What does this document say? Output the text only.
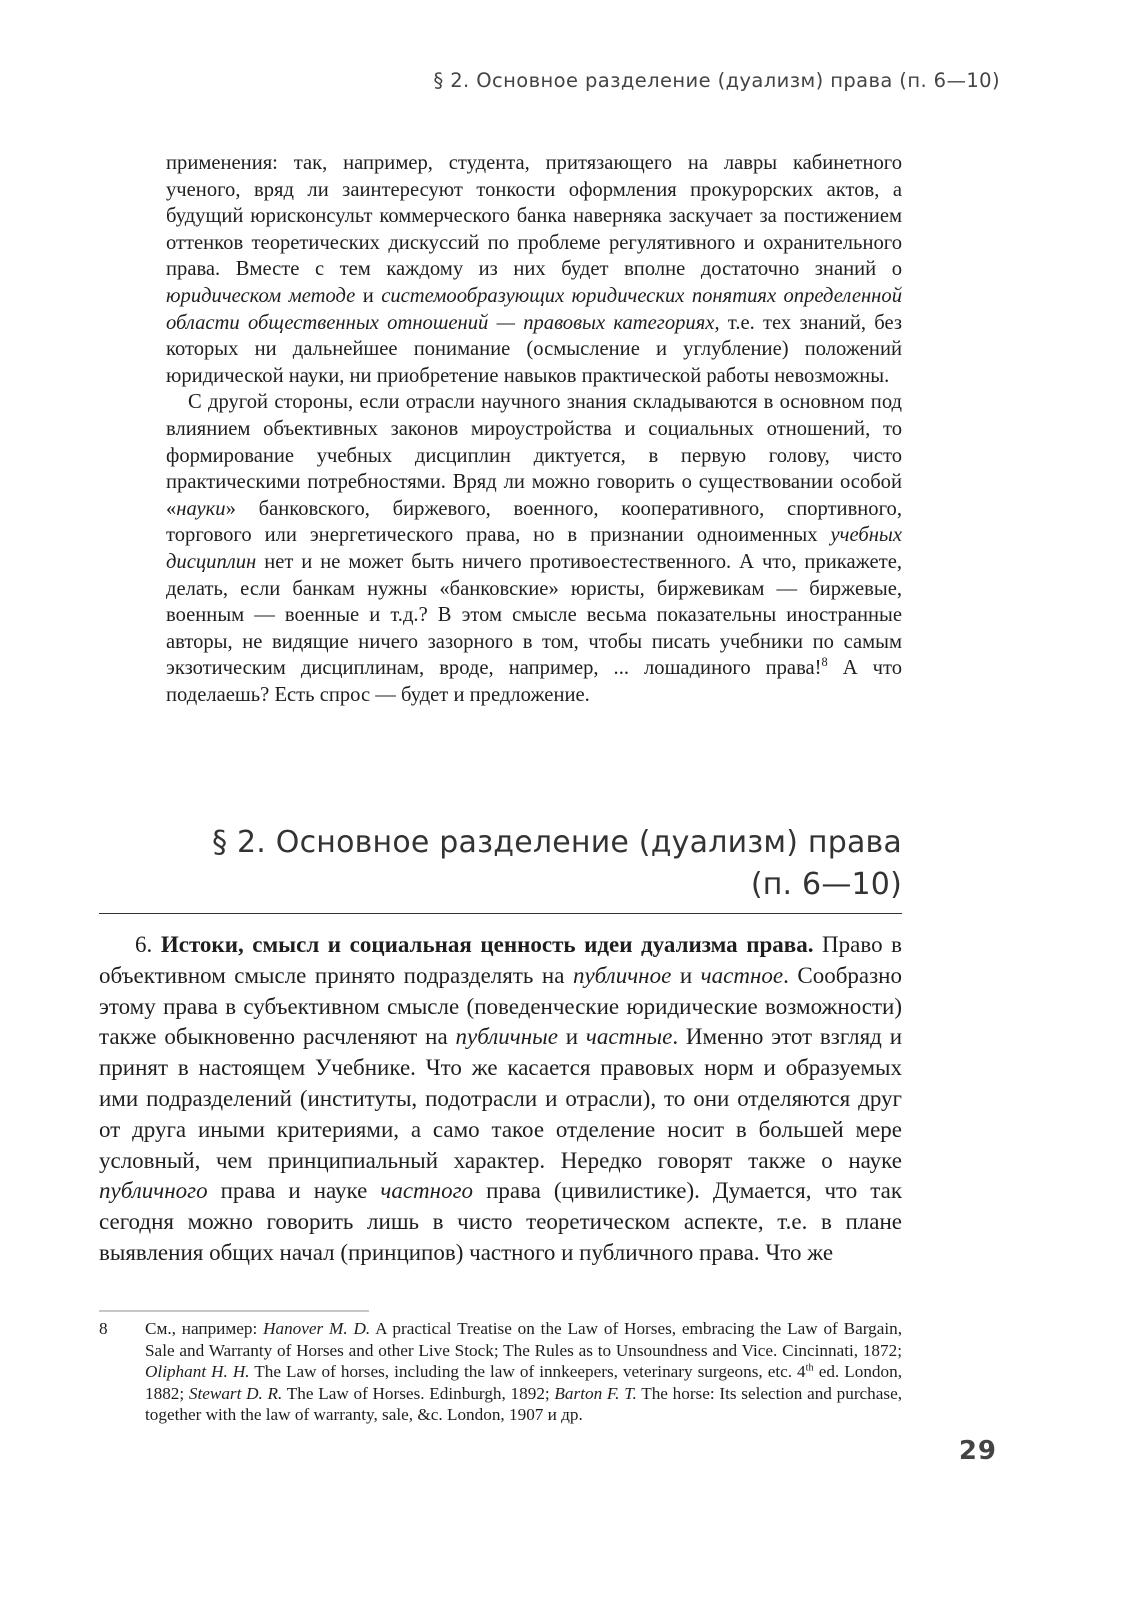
§ 2. Основное разделение (дуализм) права (п. 6—10)

применения: так, например, студента, притязающего на лавры кабинетного ученого, вряд ли заинтересуют тонкости оформления прокурорских актов, а будущий юрисконсульт коммерческого банка наверняка заскучает за постижением оттенков теоретических дискуссий по проблеме регулятивного и охранительного права. Вместе с тем каждому из них будет вполне достаточно знаний о юридическом методе и системообразующих юридических понятиях определенной области общественных отношений — правовых категориях, т.е. тех знаний, без которых ни дальнейшее понимание (осмысление и углубление) положений юридической науки, ни приобретение навыков практической работы невозможны.

С другой стороны, если отрасли научного знания складываются в основном под влиянием объективных законов мироустройства и социальных отношений, то формирование учебных дисциплин диктуется, в первую голову, чисто практическими потребностями. Вряд ли можно говорить о существовании особой «науки» банковского, биржевого, военного, кооперативного, спортивного, торгового или энергетического права, но в признании одноименных учебных дисциплин нет и не может быть ничего противоестественного. А что, прикажете, делать, если банкам нужны «банковские» юристы, биржевикам — биржевые, военным — военные и т.д.? В этом смысле весьма показательны иностранные авторы, не видящие ничего зазорного в том, чтобы писать учебники по самым экзотическим дисциплинам, вроде, например, ... лошадиного права!$^8$ А что поделаешь? Есть спрос — будет и предложение.

§ 2. Основное разделение (дуализм) права
(п. 6—10)

6. Истоки, смысл и социальная ценность идеи дуализма права. Право в объективном смысле принято подразделять на публичное и частное. Сообразно этому права в субъективном смысле (поведенческие юридические возможности) также обыкновенно расчленяют на публичные и частные. Именно этот взгляд и принят в настоящем Учебнике. Что же касается правовых норм и образуемых ими подразделений (институты, подотрасли и отрасли), то они отделяются друг от друга иными критериями, а само такое отделение носит в большей мере условный, чем принципиальный характер. Нередко говорят также о науке публичного права и науке частного права (цивилистике). Думается, что так сегодня можно говорить лишь в чисто теоретическом аспекте, т.е. в плане выявления общих начал (принципов) частного и публичного права. Что же

8 См., например: Hanover M. D. A practical Treatise on the Law of Horses, embracing the Law of Bargain, Sale and Warranty of Horses and other Live Stock; The Rules as to Unsoundness and Vice. Cincinnati, 1872; Oliphant H. H. The Law of horses, including the law of innkeepers, veterinary surgeons, etc. 4th ed. London, 1882; Stewart D. R. The Law of Horses. Edinburgh, 1892; Barton F. T. The horse: Its selection and purchase, together with the law of warranty, sale, &c. London, 1907 и др.
29
